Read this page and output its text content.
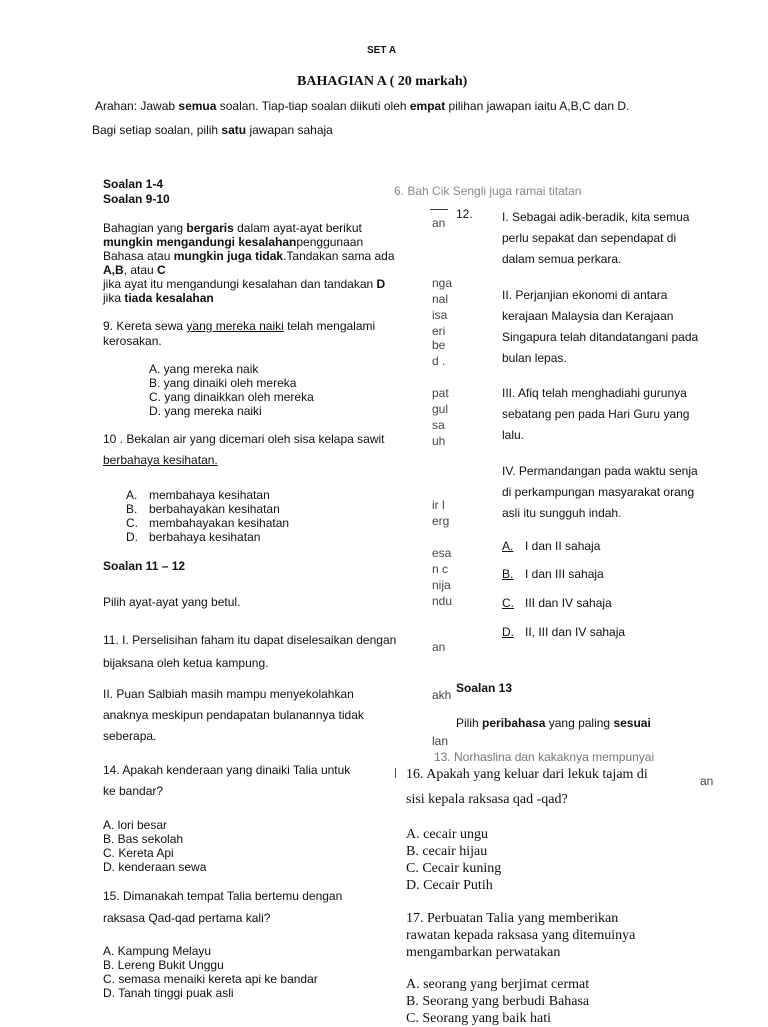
SET A
BAHAGIAN A ( 20 markah)
Arahan: Jawab semua soalan. Tiap-tiap soalan diikuti oleh empat pilihan jawapan iaitu A,B,C dan D.
Bagi setiap soalan, pilih satu jawapan sahaja
6. Bah Cik Sengli juga ramai titatan
an
nga
nal
isa
eri
be
d .
pat
gul
sa
uh
ir l
erg
esa
n c
nija
ndu
an
akh
lan
13. Norhaslina dan kakaknya mempunyai
an
Soalan 1-4
Soalan 9-10
Bahagian yang bergaris dalam ayat-ayat berikut
mungkin mengandungi kesalahanpenggunaan
Bahasa atau mungkin juga tidak.Tandakan sama ada
A,B, atau C
jika ayat itu mengandungi kesalahan dan tandakan D
jika tiada kesalahan
9. Kereta sewa yang mereka naiki telah mengalami
kerosakan.
A. yang mereka naik
B. yang dinaiki oleh mereka
C. yang dinaikkan oleh mereka
D. yang mereka naiki
10 . Bekalan air yang dicemari oleh sisa kelapa sawit
berbahaya kesihatan.
A.
B.
C.
D.
membahaya kesihatan
berbahayakan kesihatan
membahayakan kesihatan
berbahaya kesihatan
Soalan 11 – 12
Pilih ayat-ayat yang betul.
11. I. Perselisihan faham itu dapat diselesaikan dengan
bijaksana oleh ketua kampung.
II. Puan Salbiah masih mampu menyekolahkan
anaknya meskipun pendapatan bulanannya tidak
seberapa.
14. Apakah kenderaan yang dinaiki Talia untuk
ke bandar?
A. lori besar
B. Bas sekolah
C. Kereta Api
D. kenderaan sewa
15. Dimanakah tempat Talia bertemu dengan
raksasa Qad-qad pertama kali?
A. Kampung Melayu
B. Lereng Bukit Unggu
C. semasa menaiki kereta api ke bandar
D. Tanah tinggi puak asli
12. I. Sebagai adik-beradik, kita semua
perlu sepakat dan sependapat di
dalam semua perkara.
II. Perjanjian ekonomi di antara
kerajaan Malaysia dan Kerajaan
Singapura telah ditandatangani pada
bulan lepas.
III. Afiq telah menghadiahi gurunya
sebatang pen pada Hari Guru yang
lalu.
IV. Permandangan pada waktu senja
di perkampungan masyarakat orang
asli itu sungguh indah.
A. I dan II sahaja
B. I dan III sahaja
C. III dan IV sahaja
D. II, III dan IV sahaja
Soalan 13
Pilih peribahasa yang paling sesuai
16. Apakah yang keluar dari lekuk tajam di
sisi kepala raksasa qad -qad?
A. cecair ungu
B. cecair hijau
C. Cecair kuning
D. Cecair Putih
17. Perbuatan Talia yang memberikan
rawatan kepada raksasa yang ditemuinya
mengambarkan perwatakan
A. seorang yang berjimat cermat
B. Seorang yang berbudi Bahasa
C. Seorang yang baik hati
